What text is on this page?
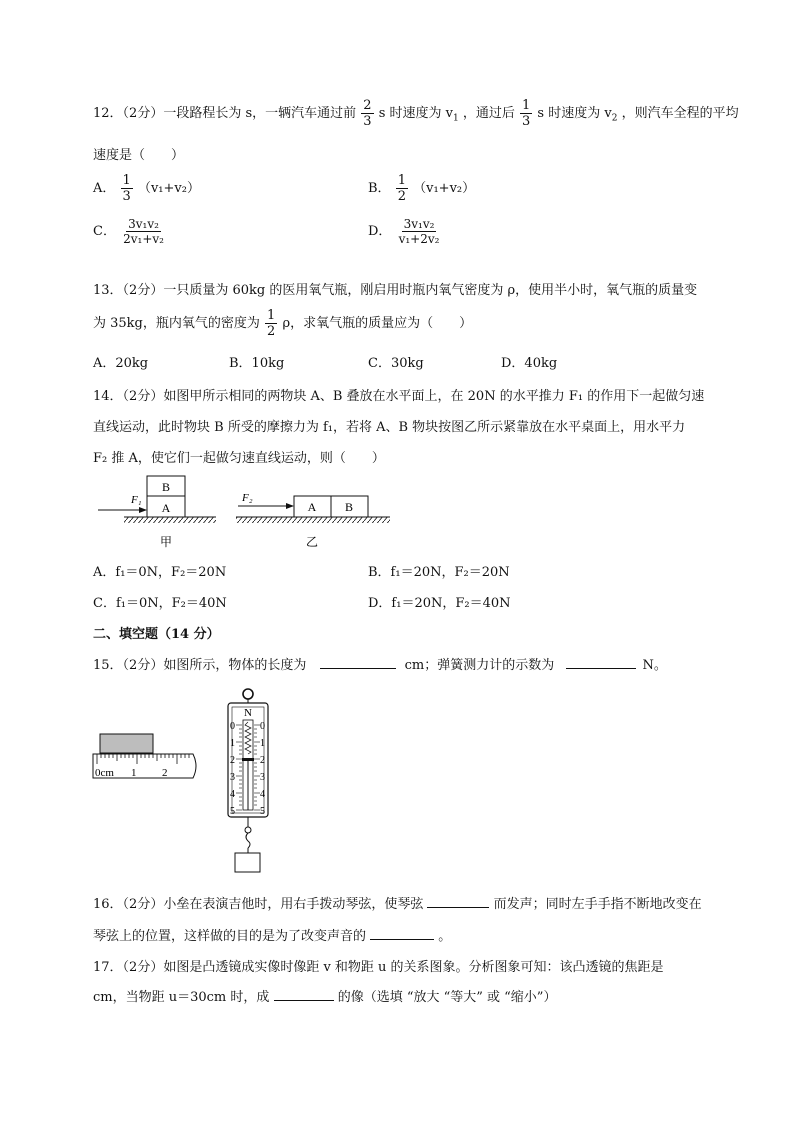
12．（2分）一段路程长为 s，一辆汽车通过前 $\frac{2}{3}$ s 时速度为 $v_1$ ，通过后 $\frac{1}{3}$ s 时速度为 $v_2$ ，则汽车全程的平均
速度是（　　）
A． $\frac{1}{3} (v_1+v_2)$	B． $\frac{1}{2} (v_1+v_2)$
C． $\frac{\text{3v₁v₂}}{\text{2v₁+v₂}}$	D． $\frac{\text{3v₁v₂}}{\text{v₁+2v₂}}$
13．（2分）一只质量为 60kg 的医用氧气瓶，刚启用时瓶内氧气密度为 ρ，使用半小时，氧气瓶的质量变
为 35kg，瓶内氧气的密度为 $\frac{1}{2}$ ρ，求氧气瓶的质量应为（　　）
A．20kg	B．10kg	C．30kg	D．40kg
14．（2分）如图甲所示相同的两物块 A、B 叠放在水平面上，在 20N 的水平推力 F₁ 的作用下一起做匀速
直线运动，此时物块 B 所受的摩擦力为 f₁，若将 A、B 物块按图乙所示紧靠放在水平桌面上，用水平力
F₂ 推 A，使它们一起做匀速直线运动，则（　　）
B
A
F₁
甲
A B
F₂
乙
A．f₁＝0N，F₂＝20N	B．f₁＝20N，F₂＝20N
C．f₁＝0N，F₂＝40N	D．f₁＝20N，F₂＝40N
二、填空题（14 分）
15．（2分）如图所示，物体的长度为	cm；弹簧测力计的示数为	N。
0cm 1 2
N
0
1
2
3
4
5
0
1
2
3
4
5
16．（2分）小垒在表演吉他时，用右手拨动琴弦，使琴弦	而发声；同时左手手指不断地改变在
琴弦上的位置，这样做的目的是为了改变声音的	。
17．（2分）如图是凸透镜成实像时像距 v 和物距 u 的关系图象。分析图象可知：该凸透镜的焦距是
cm，当物距 u＝30cm 时，成	的像（选填 “放大 “等大” 或 “缩小”）
